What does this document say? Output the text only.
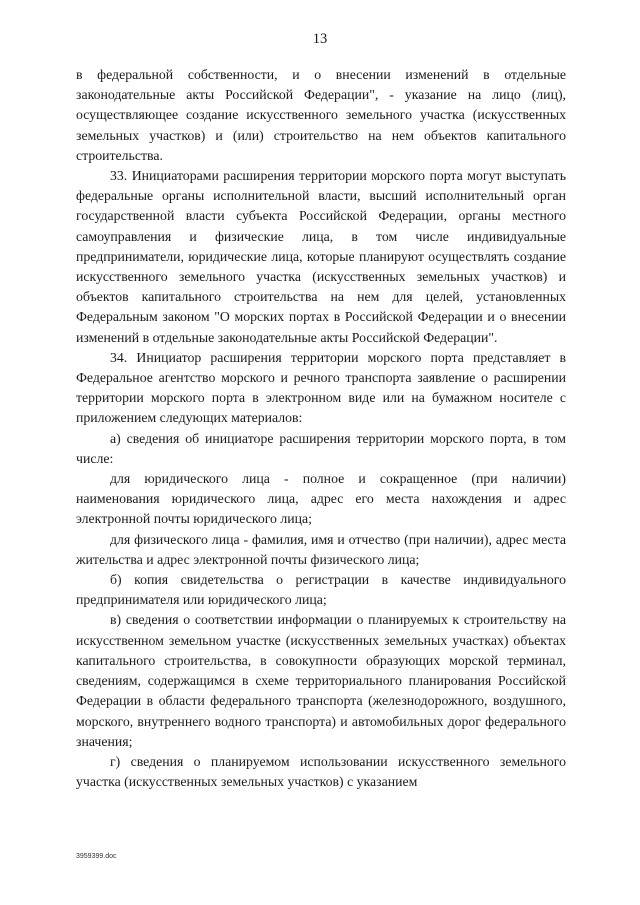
13

в федеральной собственности, и о внесении изменений в отдельные законодательные акты Российской Федерации", - указание на лицо (лиц), осуществляющее создание искусственного земельного участка (искусственных земельных участков) и (или) строительство на нем объектов капитального строительства.

33. Инициаторами расширения территории морского порта могут выступать федеральные органы исполнительной власти, высший исполнительный орган государственной власти субъекта Российской Федерации, органы местного самоуправления и физические лица, в том числе индивидуальные предприниматели, юридические лица, которые планируют осуществлять создание искусственного земельного участка (искусственных земельных участков) и объектов капитального строительства на нем для целей, установленных Федеральным законом "О морских портах в Российской Федерации и о внесении изменений в отдельные законодательные акты Российской Федерации".

34. Инициатор расширения территории морского порта представляет в Федеральное агентство морского и речного транспорта заявление о расширении территории морского порта в электронном виде или на бумажном носителе с приложением следующих материалов:

а) сведения об инициаторе расширения территории морского порта, в том числе:

для юридического лица - полное и сокращенное (при наличии) наименования юридического лица, адрес его места нахождения и адрес электронной почты юридического лица;

для физического лица - фамилия, имя и отчество (при наличии), адрес места жительства и адрес электронной почты физического лица;

б) копия свидетельства о регистрации в качестве индивидуального предпринимателя или юридического лица;

в) сведения о соответствии информации о планируемых к строительству на искусственном земельном участке (искусственных земельных участках) объектах капитального строительства, в совокупности образующих морской терминал, сведениям, содержащимся в схеме территориального планирования Российской Федерации в области федерального транспорта (железнодорожного, воздушного, морского, внутреннего водного транспорта) и автомобильных дорог федерального значения;

г) сведения о планируемом использовании искусственного земельного участка (искусственных земельных участков) с указанием

3959399.doc
